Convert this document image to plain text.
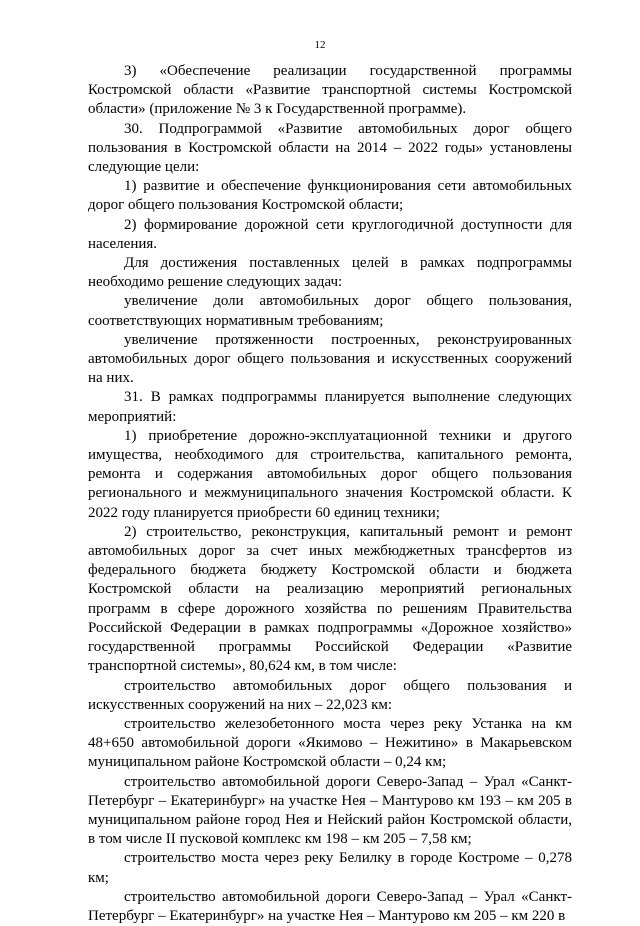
12

3) «Обеспечение реализации государственной программы Костромской области «Развитие транспортной системы Костромской области» (приложение № 3 к Государственной программе).

30. Подпрограммой «Развитие автомобильных дорог общего пользования в Костромской области на 2014 – 2022 годы» установлены следующие цели:

1) развитие и обеспечение функционирования сети автомобильных дорог общего пользования Костромской области;

2) формирование дорожной сети круглогодичной доступности для населения.

Для достижения поставленных целей в рамках подпрограммы необходимо решение следующих задач:

увеличение доли автомобильных дорог общего пользования, соответствующих нормативным требованиям;

увеличение протяженности построенных, реконструированных автомобильных дорог общего пользования и искусственных сооружений на них.

31. В рамках подпрограммы планируется выполнение следующих мероприятий:

1) приобретение дорожно-эксплуатационной техники и другого имущества, необходимого для строительства, капитального ремонта, ремонта и содержания автомобильных дорог общего пользования регионального и межмуниципального значения Костромской области. К 2022 году планируется приобрести 60 единиц техники;

2) строительство, реконструкция, капитальный ремонт и ремонт автомобильных дорог за счет иных межбюджетных трансфертов из федерального бюджета бюджету Костромской области и бюджета Костромской области на реализацию мероприятий региональных программ в сфере дорожного хозяйства по решениям Правительства Российской Федерации в рамках подпрограммы «Дорожное хозяйство» государственной программы Российской Федерации «Развитие транспортной системы», 80,624 км, в том числе:

строительство автомобильных дорог общего пользования и искусственных сооружений на них – 22,023 км:

строительство железобетонного моста через реку Устанка на км 48+650 автомобильной дороги «Якимово – Нежитино» в Макарьевском муниципальном районе Костромской области – 0,24 км;

строительство автомобильной дороги Северо-Запад – Урал «Санкт-Петербург – Екатеринбург» на участке Нея – Мантурово км 193 – км 205 в муниципальном районе город Нея и Нейский район Костромской области, в том числе II пусковой комплекс км 198 – км 205 – 7,58 км;

строительство моста через реку Белилку в городе Костроме – 0,278 км;

строительство автомобильной дороги Северо-Запад – Урал «Санкт-Петербург – Екатеринбург» на участке Нея – Мантурово км 205 – км 220 в
